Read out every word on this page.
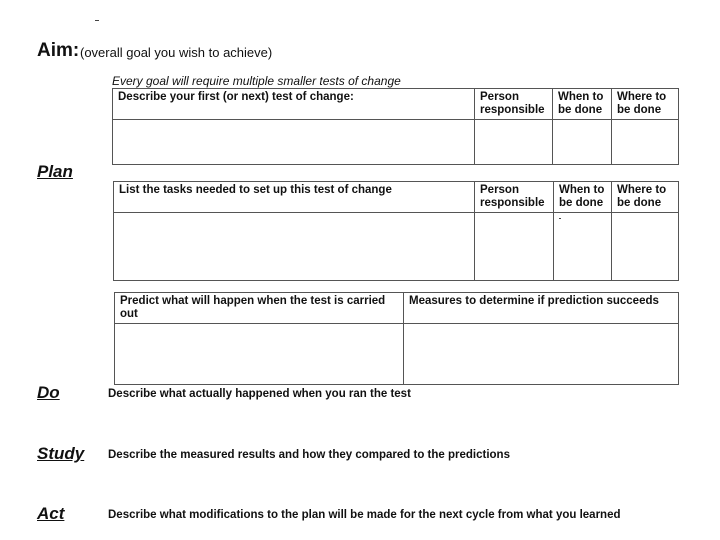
Aim: (overall goal you wish to achieve)
Every goal will require multiple smaller tests of change
Describe your first (or next) test of change:	Person responsible	When to be done	Where to be done

Plan
List the tasks needed to set up this test of change	Person responsible	When to be done	Where to be done

Predict what will happen when the test is carried out	Measures to determine if prediction succeeds

Do	Describe what actually happened when you ran the test
Study Describe the measured results and how they compared to the predictions
Act	Describe what modifications to the plan will be made for the next cycle from what you learned
